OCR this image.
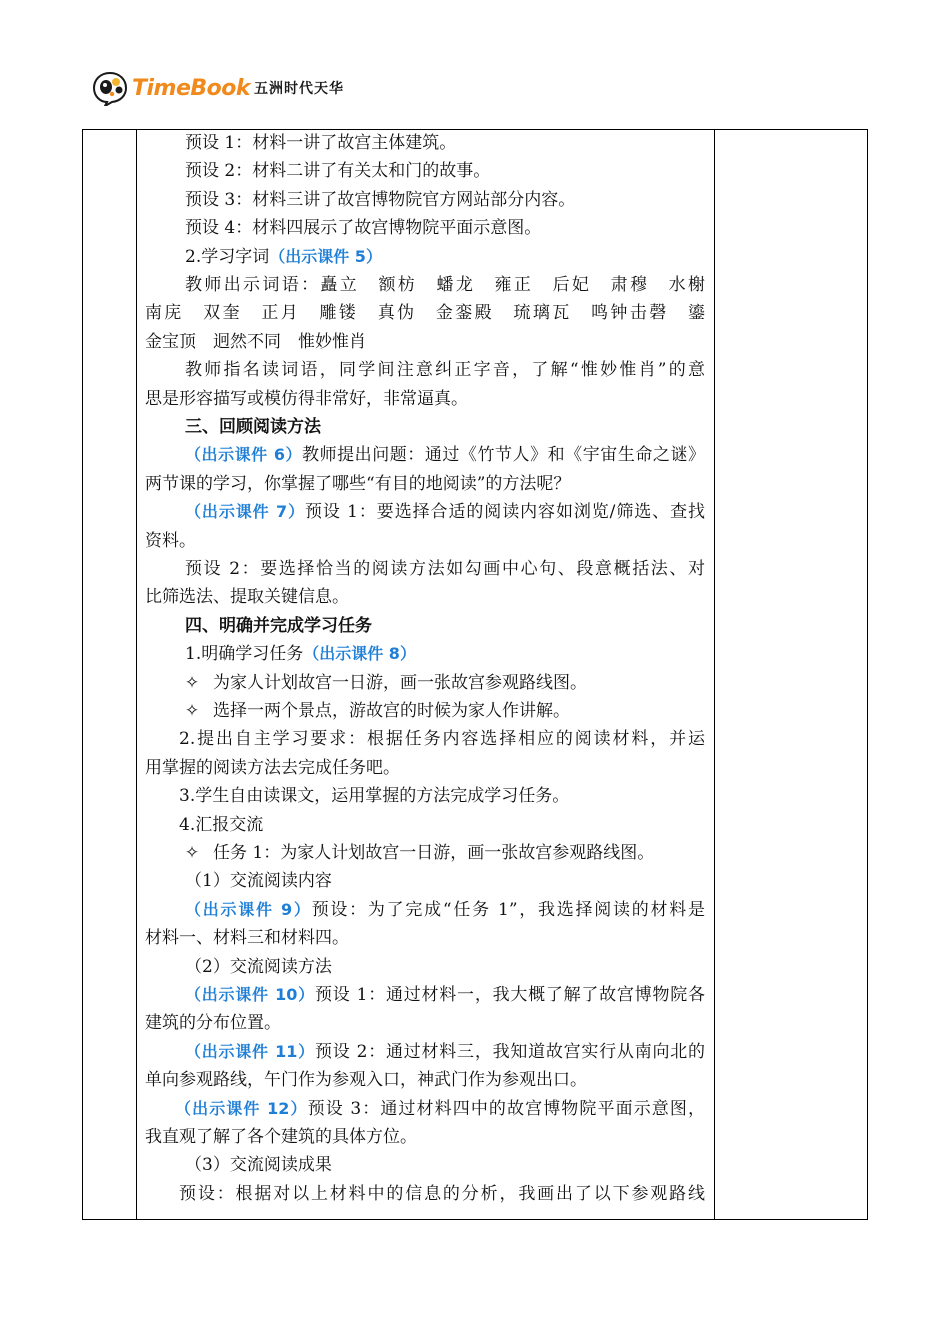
TimeBook 五洲时代天华
预设 1：材料一讲了故宫主体建筑。
预设 2：材料二讲了有关太和门的故事。
预设 3：材料三讲了故宫博物院官方网站部分内容。
预设 4：材料四展示了故宫博物院平面示意图。
2.学习字词（出示课件 5）
教师出示词语：矗立　额枋　蟠龙　雍正　后妃　肃穆　水榭
南庑　双奎　正月　雕镂　真伪　金銮殿　琉璃瓦　鸣钟击磬　鎏
金宝顶　迥然不同　惟妙惟肖
教师指名读词语，同学间注意纠正字音，了解“惟妙惟肖”的意
思是形容描写或模仿得非常好，非常逼真。
三、回顾阅读方法
（出示课件 6）教师提出问题：通过《竹节人》和《宇宙生命之谜》
两节课的学习，你掌握了哪些“有目的地阅读”的方法呢？
（出示课件 7）预设 1：要选择合适的阅读内容如浏览/筛选、查找
资料。
预设 2：要选择恰当的阅读方法如勾画中心句、段意概括法、对
比筛选法、提取关键信息。
四、明确并完成学习任务
1.明确学习任务（出示课件 8）
✧ 为家人计划故宫一日游，画一张故宫参观路线图。
✧ 选择一两个景点，游故宫的时候为家人作讲解。
2.提出自主学习要求：根据任务内容选择相应的阅读材料，并运
用掌握的阅读方法去完成任务吧。
3.学生自由读课文，运用掌握的方法完成学习任务。
4.汇报交流
✧ 任务 1：为家人计划故宫一日游，画一张故宫参观路线图。
（1）交流阅读内容
（出示课件 9）预设：为了完成“任务 1”，我选择阅读的材料是
材料一、材料三和材料四。
（2）交流阅读方法
（出示课件 10）预设 1：通过材料一，我大概了解了故宫博物院各
建筑的分布位置。
（出示课件 11）预设 2：通过材料三，我知道故宫实行从南向北的
单向参观路线，午门作为参观入口，神武门作为参观出口。
（出示课件 12）预设 3：通过材料四中的故宫博物院平面示意图，
我直观了解了各个建筑的具体方位。
（3）交流阅读成果
预设：根据对以上材料中的信息的分析，我画出了以下参观路线
